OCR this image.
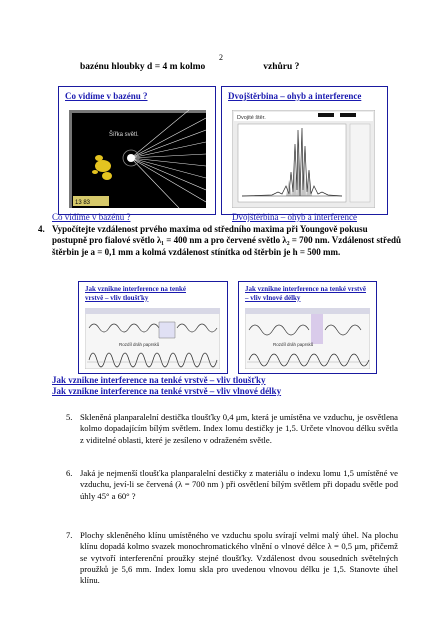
2
bazénu hloubky d = 4 m kolmo	vzhůru ?
Co vidíme v bazénu ?
Šířka světl.
13 83
Dvojštěrbina – ohyb a interference
Dvojité štěr.
Co vidíme v bazénu ?	Dvojštěrbina – ohyb a interference
4. Vypočítejte vzdálenost prvého maxima od středního maxima při Youngově pokusu postupně pro fialové světlo λ₁ = 400 nm a pro červené světlo λ₂ = 700 nm. Vzdálenost středů štěrbin je a = 0,1 mm a kolmá vzdálenost stínítka od štěrbin je h = 500 mm.
Jak vznikne interference na tenké vrstvě – vliv tloušťky
Rozdíl dráh paprsků
Jak vznikne interference na tenké vrstvě – vliv vlnové délky
Rozdíl dráh paprsků
Jak vznikne interference na tenké vrstvě – vliv tloušťky
Jak vznikne interference na tenké vrstvě – vliv vlnové délky
5. Skleněná planparalelní destička tloušťky 0,4 μm, která je umístěna ve vzduchu, je osvětlena kolmo dopadajícím bílým světlem. Index lomu destičky je 1,5. Určete vlnovou délku světla z viditelné oblasti, které je zesíleno v odraženém světle.
6. Jaká je nejmenší tloušťka planparalelní destičky z materiálu o indexu lomu 1,5 umístěné ve vzduchu, jeví-li se červená (λ = 700 nm ) při osvětlení bílým světlem při dopadu světle pod úhly 45° a 60° ?
7. Plochy skleněného klínu umístěného ve vzduchu spolu svírají velmi malý úhel. Na plochu klínu dopadá kolmo svazek monochromatického vlnění o vlnové délce λ = 0,5 μm, přičemž se vytvoří interferenční proužky stejné tloušťky. Vzdálenost dvou sousedních světelných proužků je 5,6 mm. Index lomu skla pro uvedenou vlnovou délku je 1,5. Stanovte úhel klínu.
